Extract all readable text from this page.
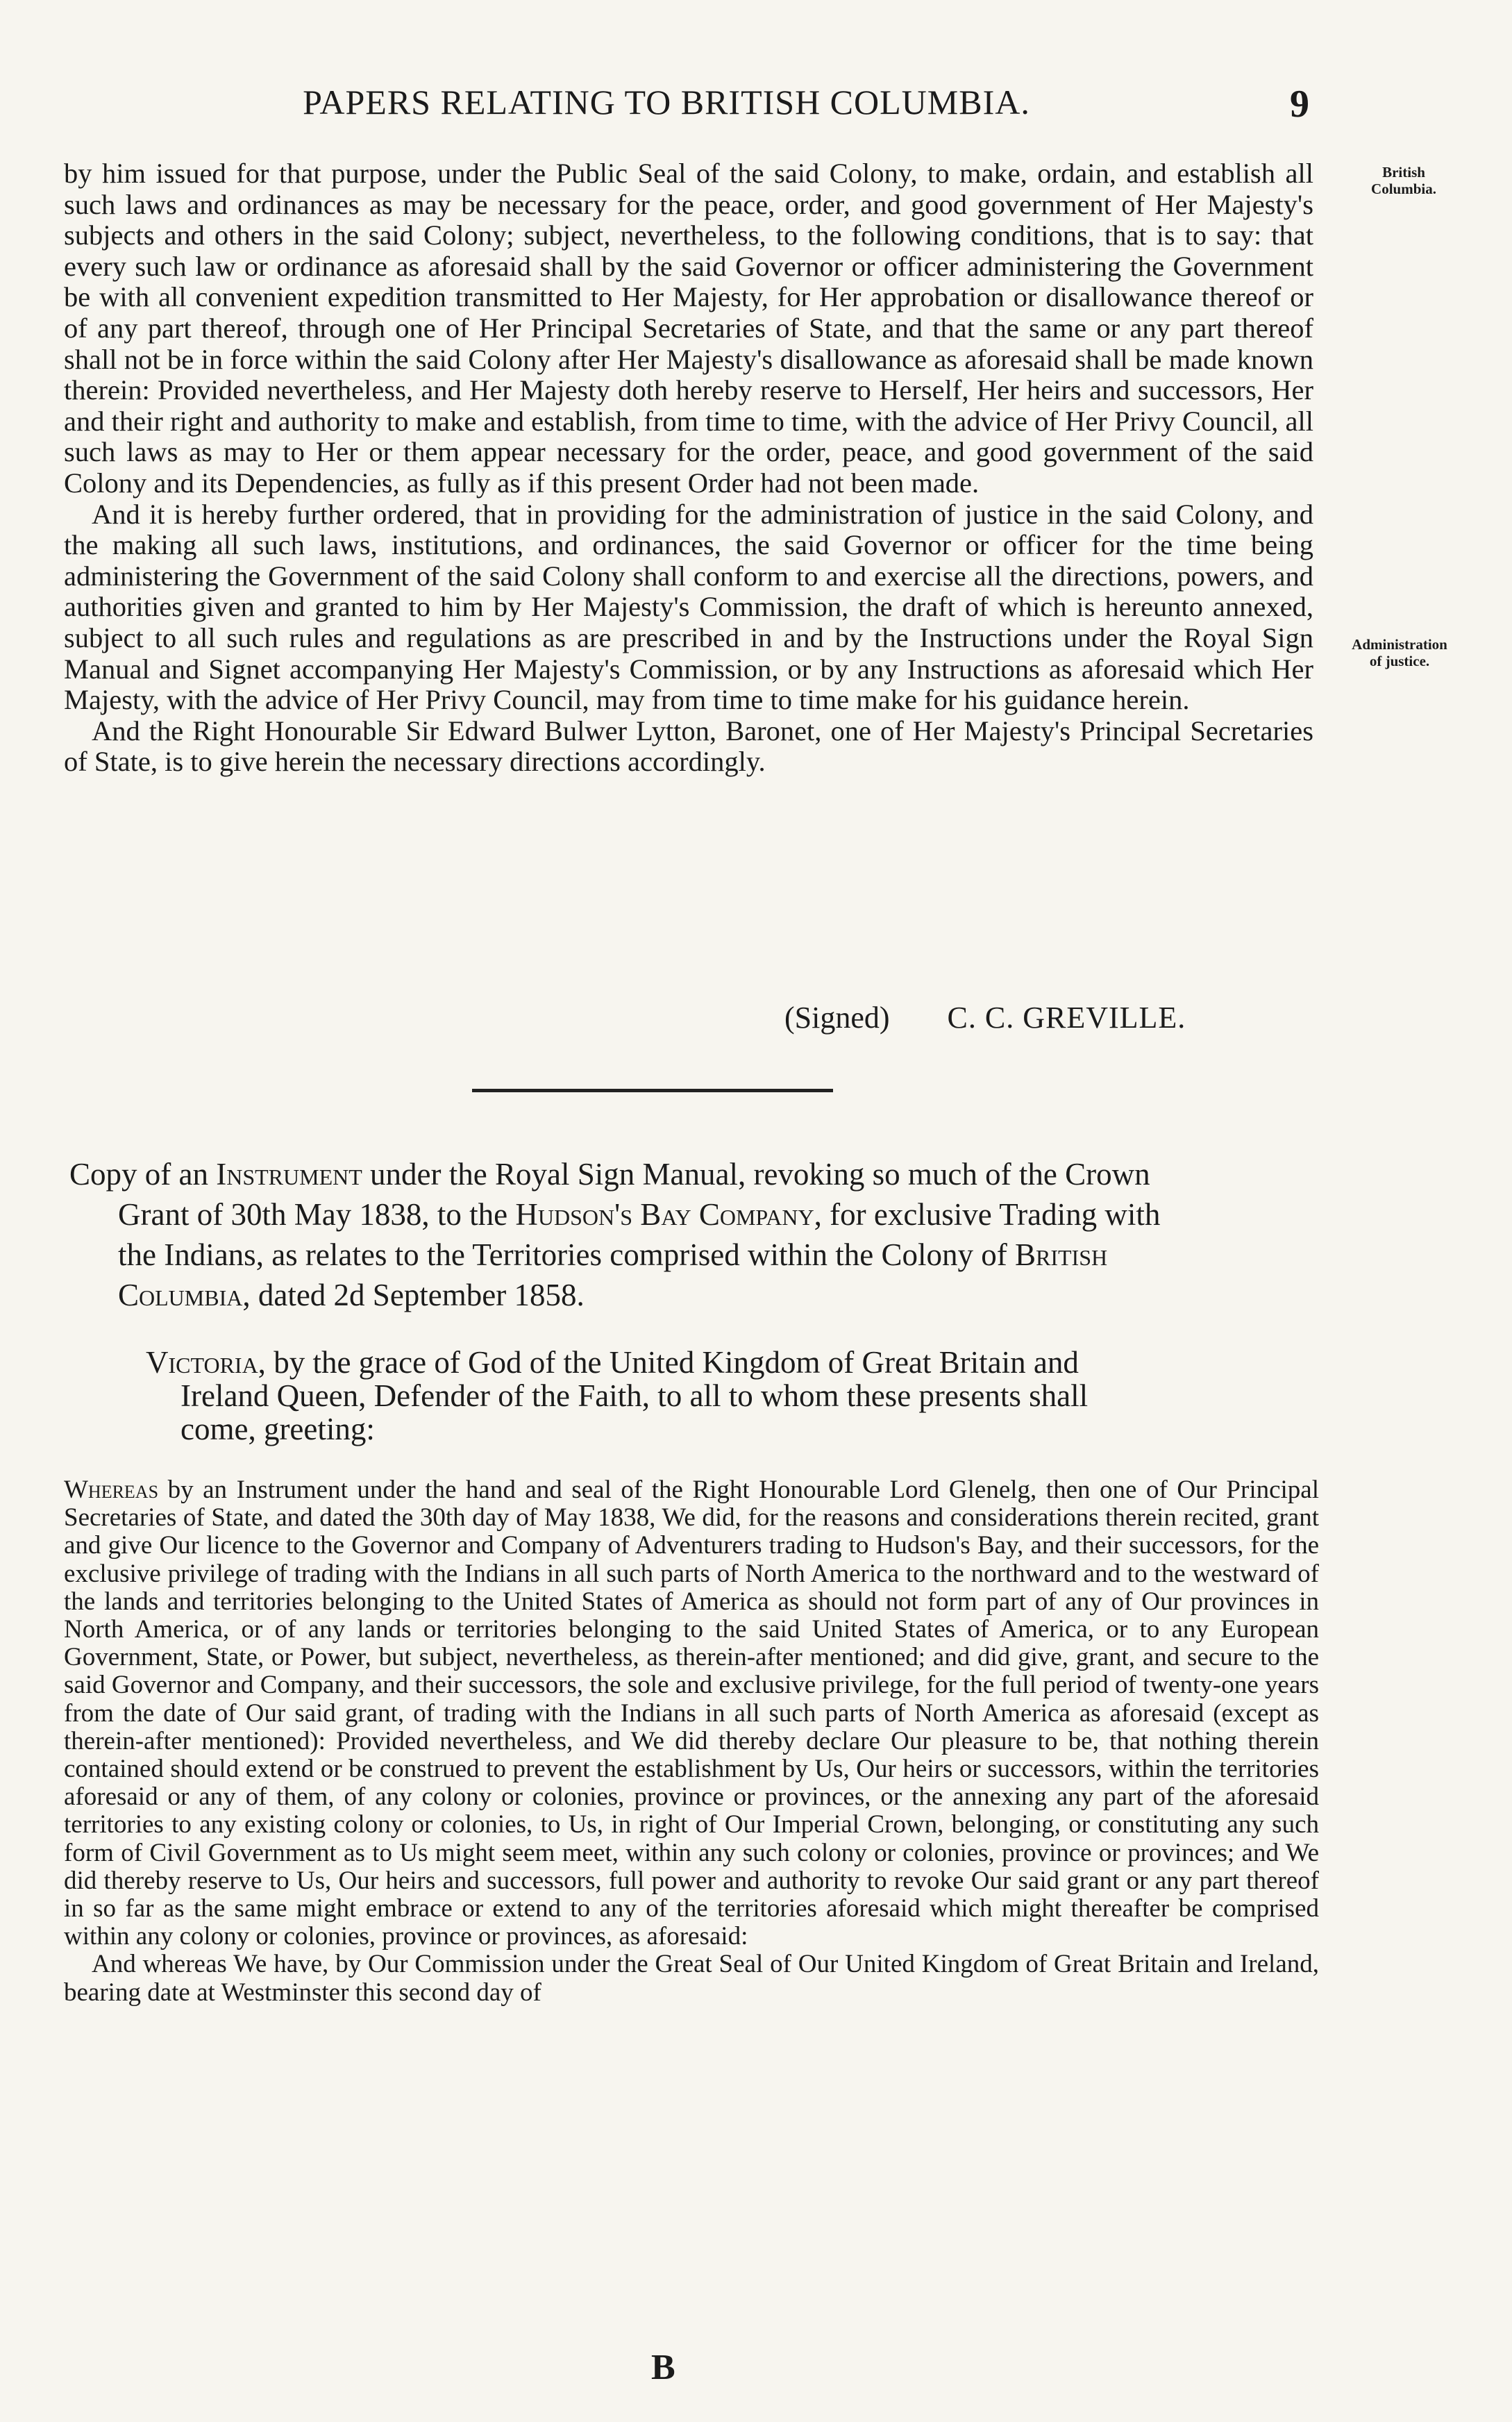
PAPERS RELATING TO BRITISH COLUMBIA.	9
British
Columbia.
Administration
of justice.

by him issued for that purpose, under the Public Seal of the said Colony, to make, ordain, and establish all such laws and ordinances as may be necessary for the peace, order, and good government of Her Majesty's subjects and others in the said Colony; subject, nevertheless, to the following conditions, that is to say: that every such law or ordinance as aforesaid shall by the said Governor or officer administering the Government be with all convenient expedition transmitted to Her Majesty, for Her approbation or disallowance thereof or of any part thereof, through one of Her Principal Secretaries of State, and that the same or any part thereof shall not be in force within the said Colony after Her Majesty's disallowance as aforesaid shall be made known therein: Provided nevertheless, and Her Majesty doth hereby reserve to Herself, Her heirs and successors, Her and their right and authority to make and establish, from time to time, with the advice of Her Privy Council, all such laws as may to Her or them appear necessary for the order, peace, and good government of the said Colony and its Dependencies, as fully as if this present Order had not been made.

And it is hereby further ordered, that in providing for the administration of justice in the said Colony, and the making all such laws, institutions, and ordinances, the said Governor or officer for the time being administering the Government of the said Colony shall conform to and exercise all the directions, powers, and authorities given and granted to him by Her Majesty's Commission, the draft of which is hereunto annexed, subject to all such rules and regulations as are prescribed in and by the Instructions under the Royal Sign Manual and Signet accompanying Her Majesty's Commission, or by any Instructions as aforesaid which Her Majesty, with the advice of Her Privy Council, may from time to time make for his guidance herein.

And the Right Honourable Sir Edward Bulwer Lytton, Baronet, one of Her Majesty's Principal Secretaries of State, is to give herein the necessary directions accordingly.

(Signed) C. C. GREVILLE.
Copy of an Instrument under the Royal Sign Manual, revoking so much of the Crown
Grant of 30th May 1838, to the Hudson's Bay Company, for exclusive Trading with
the Indians, as relates to the Territories comprised within the Colony of British
Columbia, dated 2d September 1858.
Victoria, by the grace of God of the United Kingdom of Great Britain and
Ireland Queen, Defender of the Faith, to all to whom these presents shall
come, greeting:

Whereas by an Instrument under the hand and seal of the Right Honourable Lord Glenelg, then one of Our Principal Secretaries of State, and dated the 30th day of May 1838, We did, for the reasons and considerations therein recited, grant and give Our licence to the Governor and Company of Adventurers trading to Hudson's Bay, and their successors, for the exclusive privilege of trading with the Indians in all such parts of North America to the northward and to the westward of the lands and territories belonging to the United States of America as should not form part of any of Our provinces in North America, or of any lands or territories belonging to the said United States of America, or to any European Government, State, or Power, but subject, nevertheless, as therein-after mentioned; and did give, grant, and secure to the said Governor and Company, and their successors, the sole and exclusive privilege, for the full period of twenty-one years from the date of Our said grant, of trading with the Indians in all such parts of North America as aforesaid (except as therein-after mentioned): Provided nevertheless, and We did thereby declare Our pleasure to be, that nothing therein contained should extend or be construed to prevent the establishment by Us, Our heirs or successors, within the territories aforesaid or any of them, of any colony or colonies, province or provinces, or the annexing any part of the aforesaid territories to any existing colony or colonies, to Us, in right of Our Imperial Crown, belonging, or constituting any such form of Civil Government as to Us might seem meet, within any such colony or colonies, province or provinces; and We did thereby reserve to Us, Our heirs and successors, full power and authority to revoke Our said grant or any part thereof in so far as the same might embrace or extend to any of the territories aforesaid which might thereafter be comprised within any colony or colonies, province or provinces, as aforesaid:

And whereas We have, by Our Commission under the Great Seal of Our United Kingdom of Great Britain and Ireland, bearing date at Westminster this second day of

B
